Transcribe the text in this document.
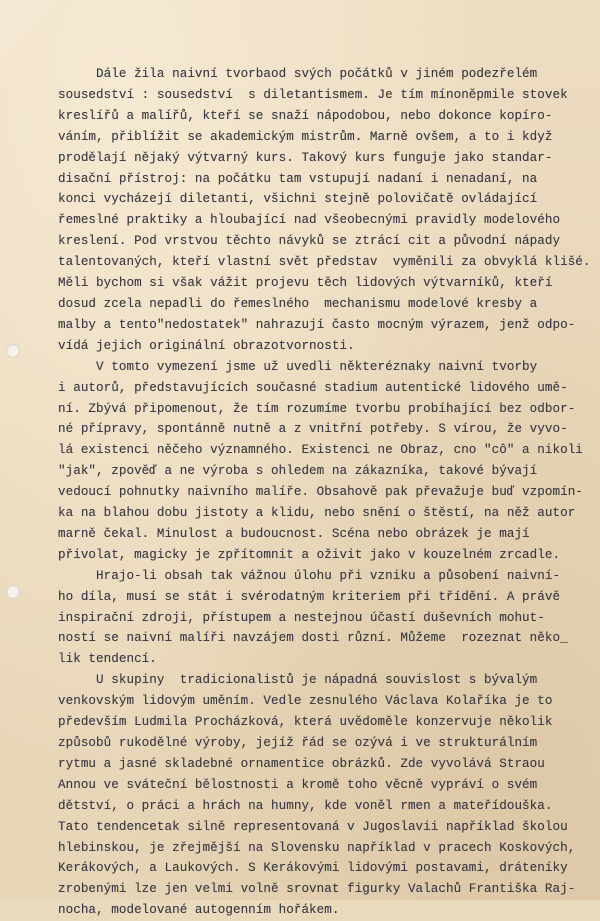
Dále žila naivní tvorbaod svých počátků v jiném podezřelém
sousedství : sousedství  s diletantismem. Je tím mínoněpmile stovek
kreslířů a malířů, kteří se snaží nápodobou, nebo dokonce kopíro-
váním, přiblížit se akademickým mistrům. Marně ovšem, a to i když
prodělají nějaký výtvarný kurs. Takový kurs funguje jako standar-
disační přístroj: na počátku tam vstupují nadaní i nenadaní, na
konci vycházejí diletanti, všichni stejně polovičatě ovládající
řemeslné praktiky a hloubající nad všeobecnými pravidly modelového
kreslení. Pod vrstvou těchto návyků se ztrácí cit a původní nápady
talentovaných, kteří vlastní svět představ  vyměnili za obvyklá klišé.
Měli bychom si však vážit projevu těch lidových výtvarníků, kteří
dosud zcela nepadli do řemeslného  mechanismu modelové kresby a
malby a tento"nedostatek" nahrazují často mocným výrazem, jenž odpo-
vídá jejich originální obrazotvornosti.
V tomto vymezení jsme už uvedli některéznaky naivní tvorby
i autorů, představujících současné stadium autentické lidového umě-
ní. Zbývá připomenout, že tím rozumíme tvorbu probíhající bez odbor-
né přípravy, spontánně nutně a z vnitřní potřeby. S vírou, že vyvo-
lá existenci něčeho významného. Existenci ne Obraz, cno "cô" a nikoli
"jak", zpověď a ne výroba s ohledem na zákazníka, takové bývají
vedoucí pohnutky naivního malíře. Obsahově pak převažuje buď vzpomín-
ka na blahou dobu jistoty a klidu, nebo snění o štěstí, na něž autor
marně čekal. Minulost a budoucnost. Scéna nebo obrázek je mají
přivolat, magicky je zpřítomnit a oživit jako v kouzelném zrcadle.
Hrajo-li obsah tak vážnou úlohu při vzniku a působení naivní-
ho díla, musí se stát i svérodatným kriteriem při třídění. A právě
inspirační zdroji, přístupem a nestejnou účastí duševních mohut-
ností se naivní malíři navzájem dosti různí. Můžeme  rozeznat něko_
lik tendencí.
U skupiny  tradicionalistů je nápadná souvislost s bývalým
venkovským lidovým uměním. Vedle zesnulého Václava Kolaříka je to
především Ludmila Procházková, která uvědoměle konzervuje několik
způsobů rukodělné výroby, jejíž řád se ozývá i ve strukturálním
rytmu a jasné skladebné ornamentice obrázků. Zde vyvolává Straou
Annou ve sváteční bělostnosti a kromě toho věcně vypráví o svém
dětství, o práci a hrách na humny, kde voněl rmen a mateřídouška.
Tato tendencetak silně representovaná v Jugoslavii například školou
hlebinskou, je zřejmější na Slovensku například v pracech Koskových,
Kerákových, a Laukových. S Kerákovými lidovými postavami, dráteníky
zrobenými lze jen velmi volně srovnat figurky Valachů Františka Raj-
nocha, modelované autogenním hořákem.
